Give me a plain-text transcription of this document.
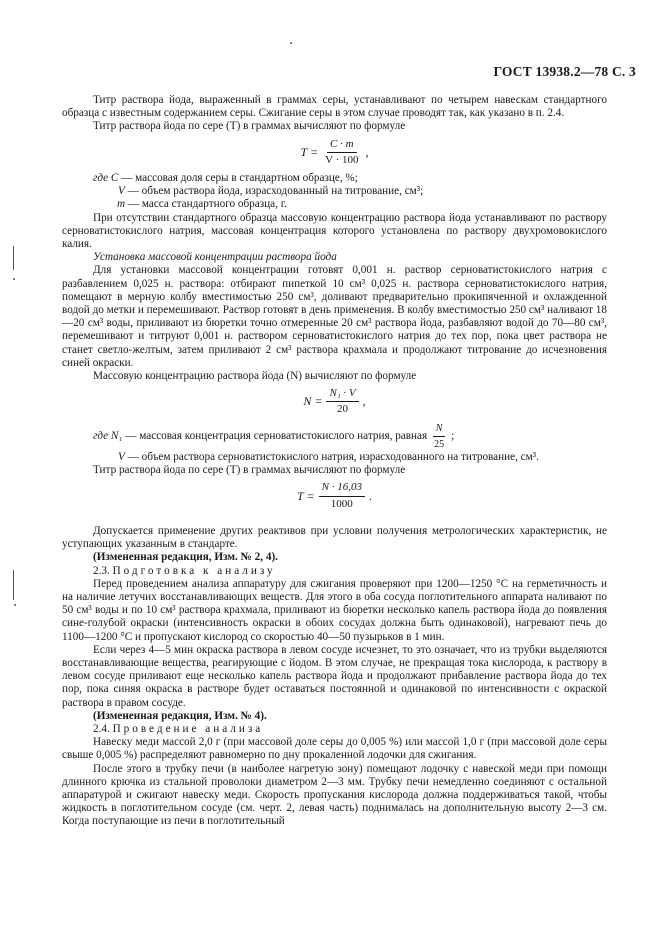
ГОСТ 13938.2—78 С. 3

Титр раствора йода, выраженный в граммах серы, устанавливают по четырем навескам стандартного образца с известным содержанием серы. Сжигание серы в этом случае проводят так, как указано в п. 2.4.

Титр раствора йода по сере (T) в граммах вычисляют по формуле

$T = \frac{C \cdot m}{V \cdot 100}$ ,

где C — массовая доля серы в стандартном образце, %;

V — объем раствора йода, израсходованный на титрование, см³;

m — масса стандартного образца, г.

При отсутствии стандартного образца массовую концентрацию раствора йода устанавливают по раствору серноватистокислого натрия, массовая концентрация которого установлена по раствору двухромовокислого калия.

Установка массовой концентрации раствора йода

Для установки массовой концентрации готовят 0,001 н. раствор серноватистокислого натрия с разбавлением 0,025 н. раствора: отбирают пипеткой 10 см³ 0,025 н. раствора серноватистокислого натрия, помещают в мерную колбу вместимостью 250 см³, доливают предварительно прокипяченной и охлажденной водой до метки и перемешивают. Раствор готовят в день применения. В колбу вместимостью 250 см³ наливают 18—20 см³ воды, приливают из бюретки точно отмеренные 20 см³ раствора йода, разбавляют водой до 70—80 см³, перемешивают и титруют 0,001 н. раствором серноватистокислого натрия до тех пор, пока цвет раствора не станет светло-желтым, затем приливают 2 см³ раствора крахмала и продолжают титрование до исчезновения синей окраски.

Массовую концентрацию раствора йода (N) вычисляют по формуле

$N = \frac{\text{N₁ · V}}{20}$ ,

где N₁ — массовая концентрация серноватистокислого натрия, равная $\frac{N}{25}$ ;

V — объем раствора серноватистокислого натрия, израсходованного на титрование, см³.

Титр раствора йода по сере (T) в граммах вычисляют по формуле

$T = \frac{N \cdot 16,03}{1000}$ .

Допускается применение других реактивов при условии получения метрологических характеристик, не уступающих указанным в стандарте.

(Измененная редакция, Изм. № 2, 4).

2.3. Подготовка к анализу

Перед проведением анализа аппаратуру для сжигания проверяют при 1200—1250 °С на герметичность и на наличие летучих восстанавливающих веществ. Для этого в оба сосуда поглотительного аппарата наливают по 50 см³ воды и по 10 см³ раствора крахмала, приливают из бюретки несколько капель раствора йода до появления сине-голубой окраски (интенсивность окраски в обоих сосудах должна быть одинаковой), нагревают печь до 1100—1200 °С и пропускают кислород со скоростью 40—50 пузырьков в 1 мин.

Если через 4—5 мин окраска раствора в левом сосуде исчезнет, то это означает, что из трубки выделяются восстанавливающие вещества, реагирующие с йодом. В этом случае, не прекращая тока кислорода, к раствору в левом сосуде приливают еще несколько капель раствора йода и продолжают прибавление раствора йода до тех пор, пока синяя окраска в растворе будет оставаться постоянной и одинаковой по интенсивности с окраской раствора в правом сосуде.

(Измененная редакция, Изм. № 4).

2.4. Проведение анализа

Навеску меди массой 2,0 г (при массовой доле серы до 0,005 %) или массой 1,0 г (при массовой доле серы свыше 0,005 %) распределяют равномерно по дну прокаленной лодочки для сжигания.

После этого в трубку печи (в наиболее нагретую зону) помещают лодочку с навеской меди при помощи длинного крючка из стальной проволоки диаметром 2—3 мм. Трубку печи немедленно соединяют с остальной аппаратурой и сжигают навеску меди. Скорость пропускания кислорода должна поддерживаться такой, чтобы жидкость в поглотительном сосуде (см. черт. 2, левая часть) поднималась на дополнительную высоту 2—3 см. Когда поступающие из печи в поглотительный
